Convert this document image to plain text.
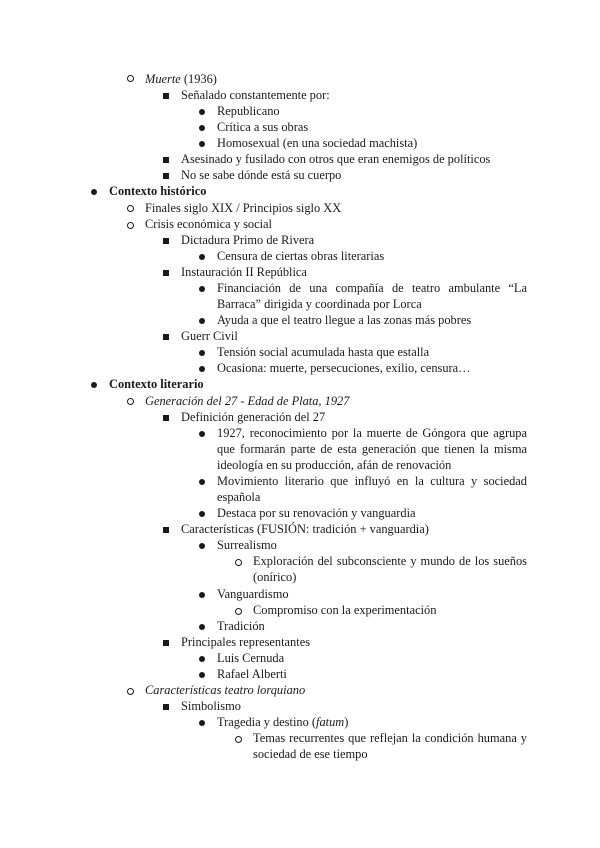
Muerte (1936)
Señalado constantemente por:
Republicano
Crítica a sus obras
Homosexual (en una sociedad machista)
Asesinado y fusilado con otros que eran enemigos de políticos
No se sabe dónde está su cuerpo
Contexto histórico
Finales siglo XIX / Principios siglo XX
Crisis económica y social
Dictadura Primo de Rivera
Censura de ciertas obras literarias
Instauración II República
Financiación de una compañía de teatro ambulante “La Barraca” dirigida y coordinada por Lorca
Ayuda a que el teatro llegue a las zonas más pobres
Guerr Civil
Tensión social acumulada hasta que estalla
Ocasiona: muerte, persecuciones, exilio, censura…
Contexto literario
Generación del 27 - Edad de Plata, 1927
Definición generación del 27
1927, reconocimiento por la muerte de Góngora que agrupa que formarán parte de esta generación que tienen la misma ideología en su producción, afán de renovación
Movimiento literario que influyó en la cultura y sociedad española
Destaca por su renovación y vanguardia
Características (FUSIÓN: tradición + vanguardia)
Surrealismo
Exploración del subconsciente y mundo de los sueños (onírico)
Vanguardismo
Compromiso con la experimentación
Tradición
Principales representantes
Luis Cernuda
Rafael Alberti
Características teatro lorquiano
Simbolismo
Tragedia y destino (fatum)
Temas recurrentes que reflejan la condición humana y sociedad de ese tiempo
